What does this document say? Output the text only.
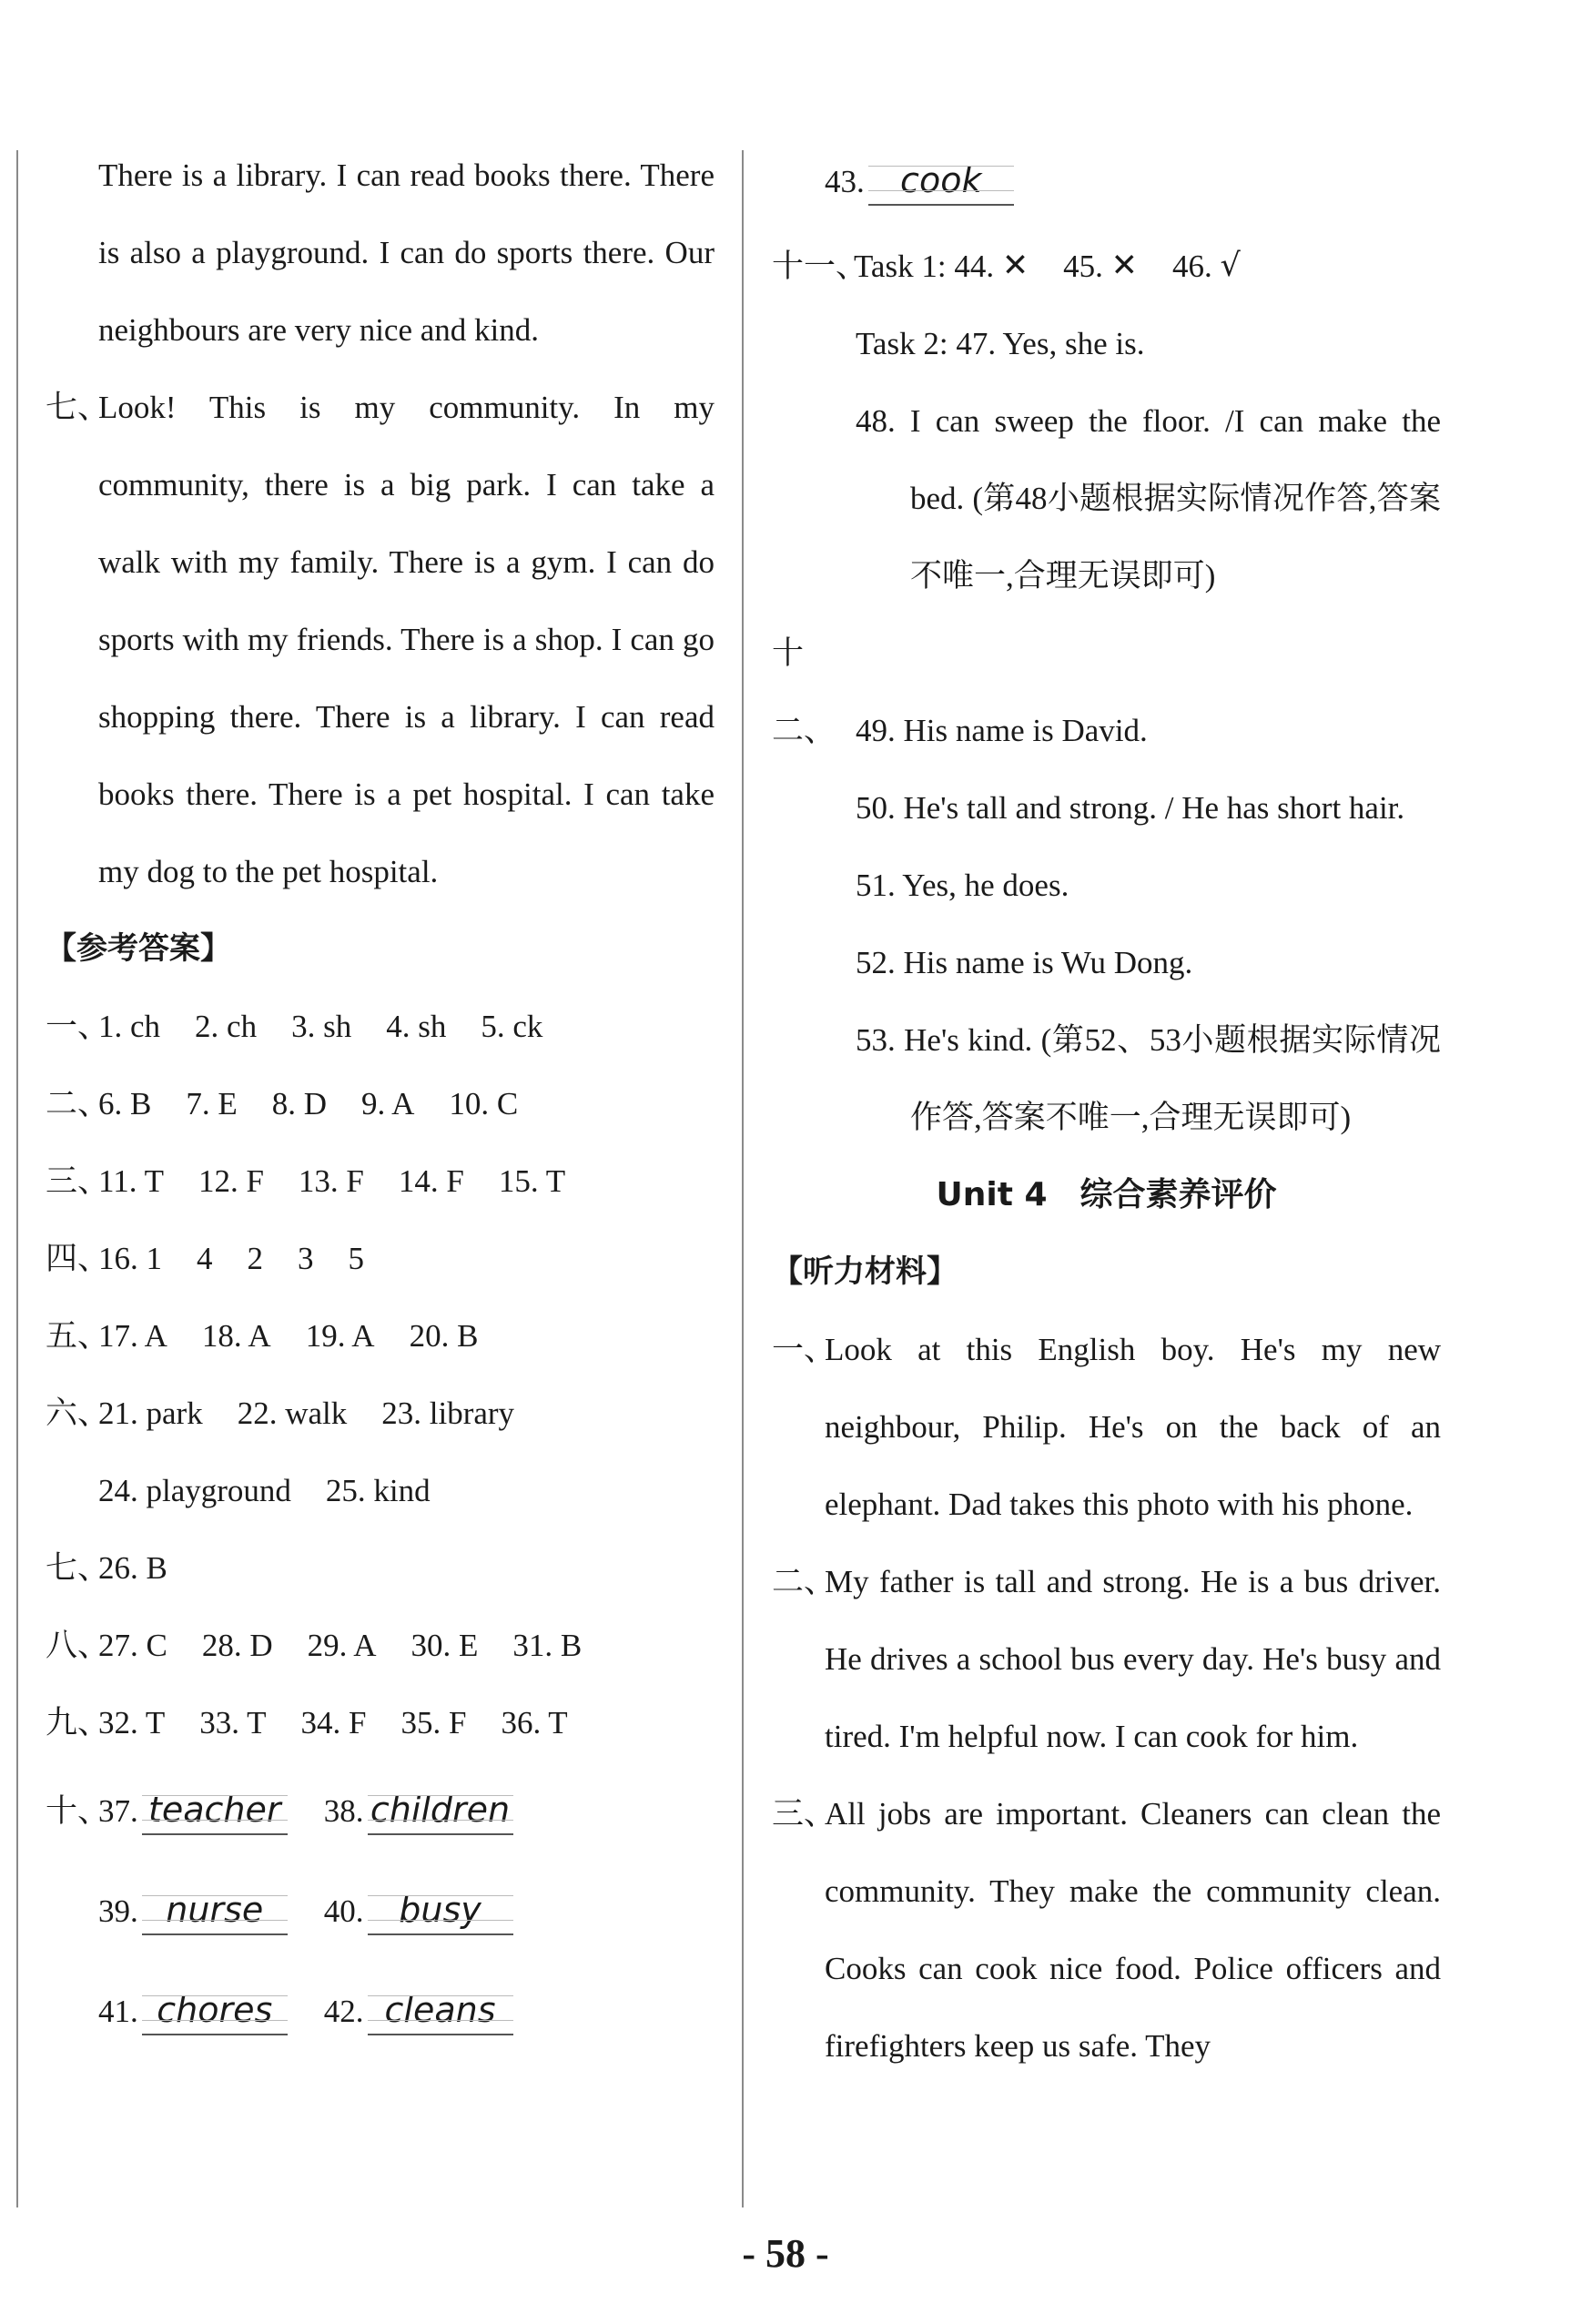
There is a library. I can read books there. There is also a playground. I can do sports there. Our neighbours are very nice and kind.

七、Look! This is my community. In my community, there is a big park. I can take a walk with my family. There is a gym. I can do sports with my friends. There is a shop. I can go shopping there. There is a library. I can read books there. There is a pet hospital. I can take my dog to the pet hospital.

【参考答案】

一、
1. ch 2. ch 3. sh 4. sh 5. ck
二、
6. B 7. E 8. D 9. A 10. C
三、
11. T 12. F 13. F 14. F 15. T
四、
16. 1 4 2 3 5
五、
17. A 18. A 19. A 20. B
六、
21. park 22. walk 23. library
24. playground 25. kind
七、
26. B
八、
27. C 28. D 29. A 30. E 31. B
九、
32. T 33. T 34. F 35. F 36. T
十、
37. teacher 38. children
39. nurse	40.	busy
41. chores	42. cleans
43.	cook
十一、
Task 1: 44.
✕ 45.
✕ 46.
√

Task 2: 47. Yes, she is.

48. I can sweep the floor. /I can make the bed. (第48小题根据实际情况作答,答案不唯一,合理无误即可)

十二、 49. His name is David.

50. He's tall and strong. / He has short hair.

51. Yes, he does.

52. His name is Wu Dong.

53. He's kind. (第52、53小题根据实际情况作答,答案不唯一,合理无误即可)

Unit 4　综合素养评价

【听力材料】

一、Look at this English boy. He's my new neighbour, Philip. He's on the back of an elephant. Dad takes this photo with his phone.

二、My father is tall and strong. He is a bus driver. He drives a school bus every day. He's busy and tired. I'm helpful now. I can cook for him.

三、All jobs are important. Cleaners can clean the community. They make the community clean. Cooks can cook nice food. Police officers and firefighters keep us safe. They

- 58 -
